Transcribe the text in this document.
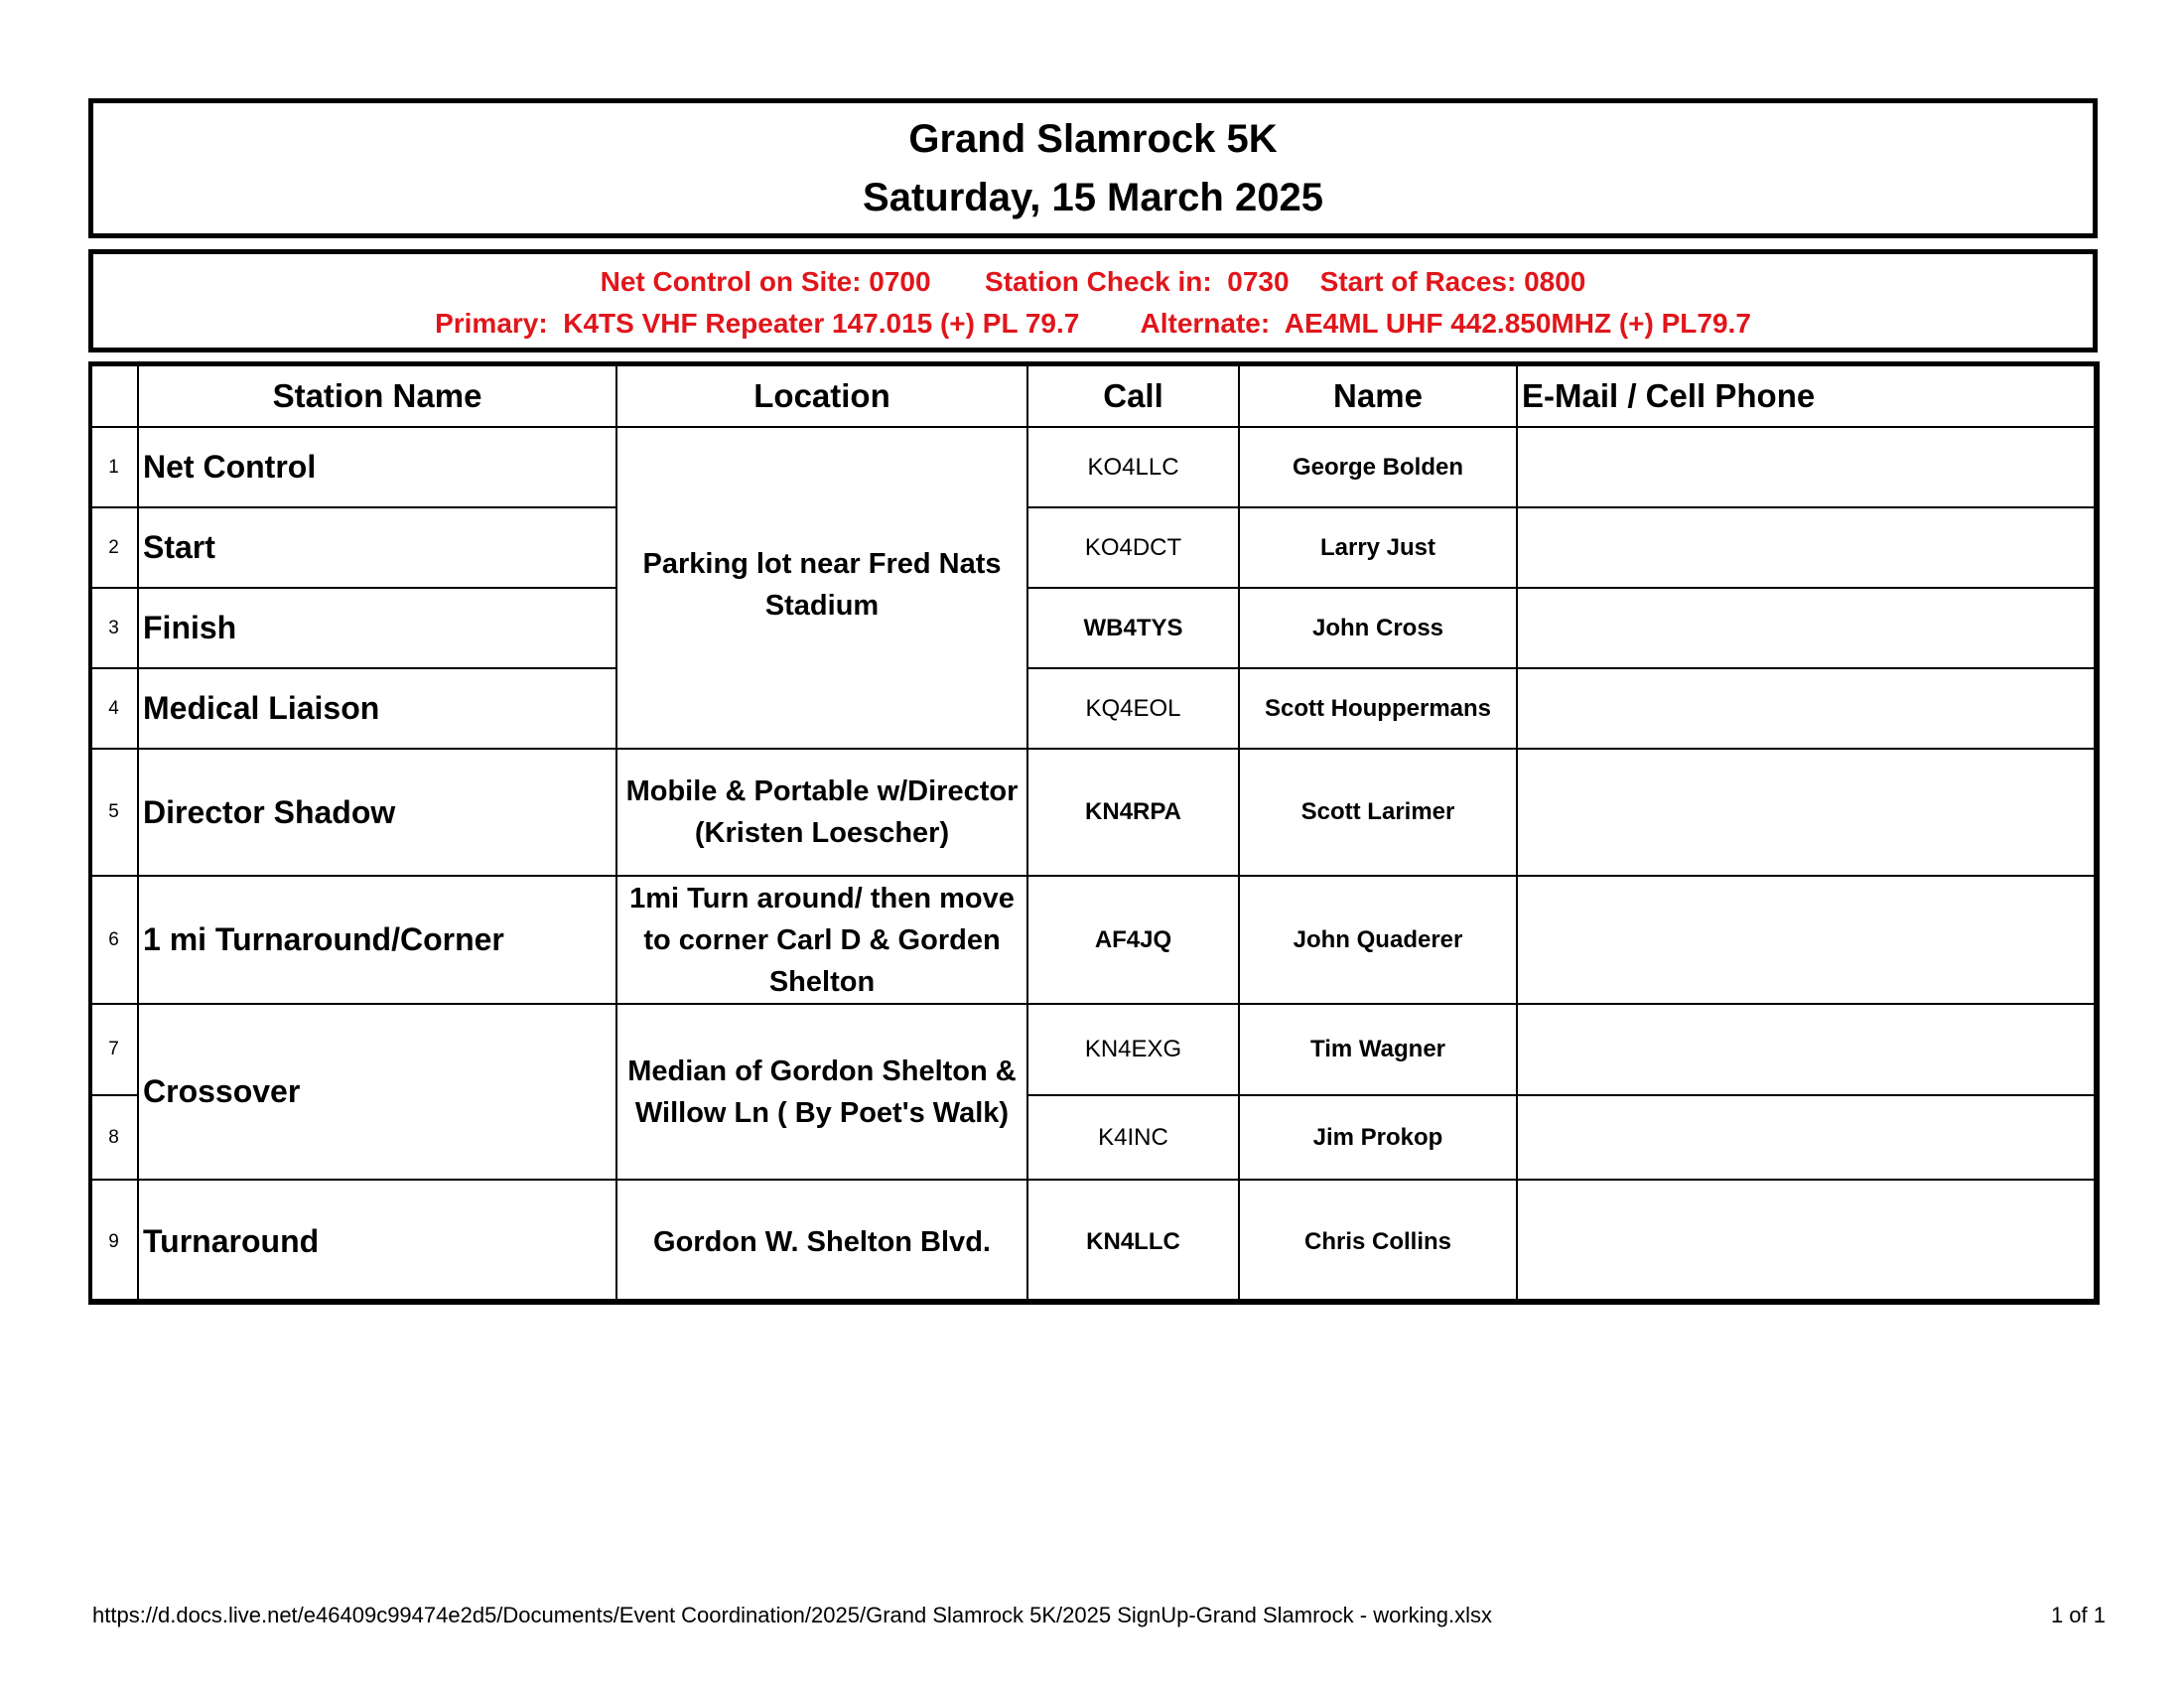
Grand Slamrock 5K
Saturday, 15 March 2025
Net Control on Site: 0700       Station Check in:  0730    Start of Races: 0800
Primary:  K4TS VHF Repeater 147.015 (+) PL 79.7        Alternate:  AE4ML UHF 442.850MHZ (+) PL79.7
	Station Name	Location	Call	Name	E-Mail / Cell Phone
1	Net Control	Parking lot near Fred Nats Stadium	KO4LLC	George Bolden	
2	Start		KO4DCT	Larry Just	
3	Finish		WB4TYS	John Cross	
4	Medical Liaison		KQ4EOL	Scott Houppermans	
5	Director Shadow	Mobile & Portable w/Director (Kristen Loescher)	KN4RPA	Scott Larimer	
6	1 mi Turnaround/Corner	1mi Turn around/ then move to corner Carl D & Gorden Shelton	AF4JQ	John Quaderer	
7	Crossover	Median of Gordon Shelton & Willow Ln ( By Poet's Walk)	KN4EXG	Tim Wagner	
8			K4INC	Jim Prokop	
9	Turnaround	Gordon W. Shelton Blvd.	KN4LLC	Chris Collins	
https://d.docs.live.net/e46409c99474e2d5/Documents/Event Coordination/2025/Grand Slamrock 5K/2025 SignUp-Grand Slamrock - working.xlsx	1 of 1
